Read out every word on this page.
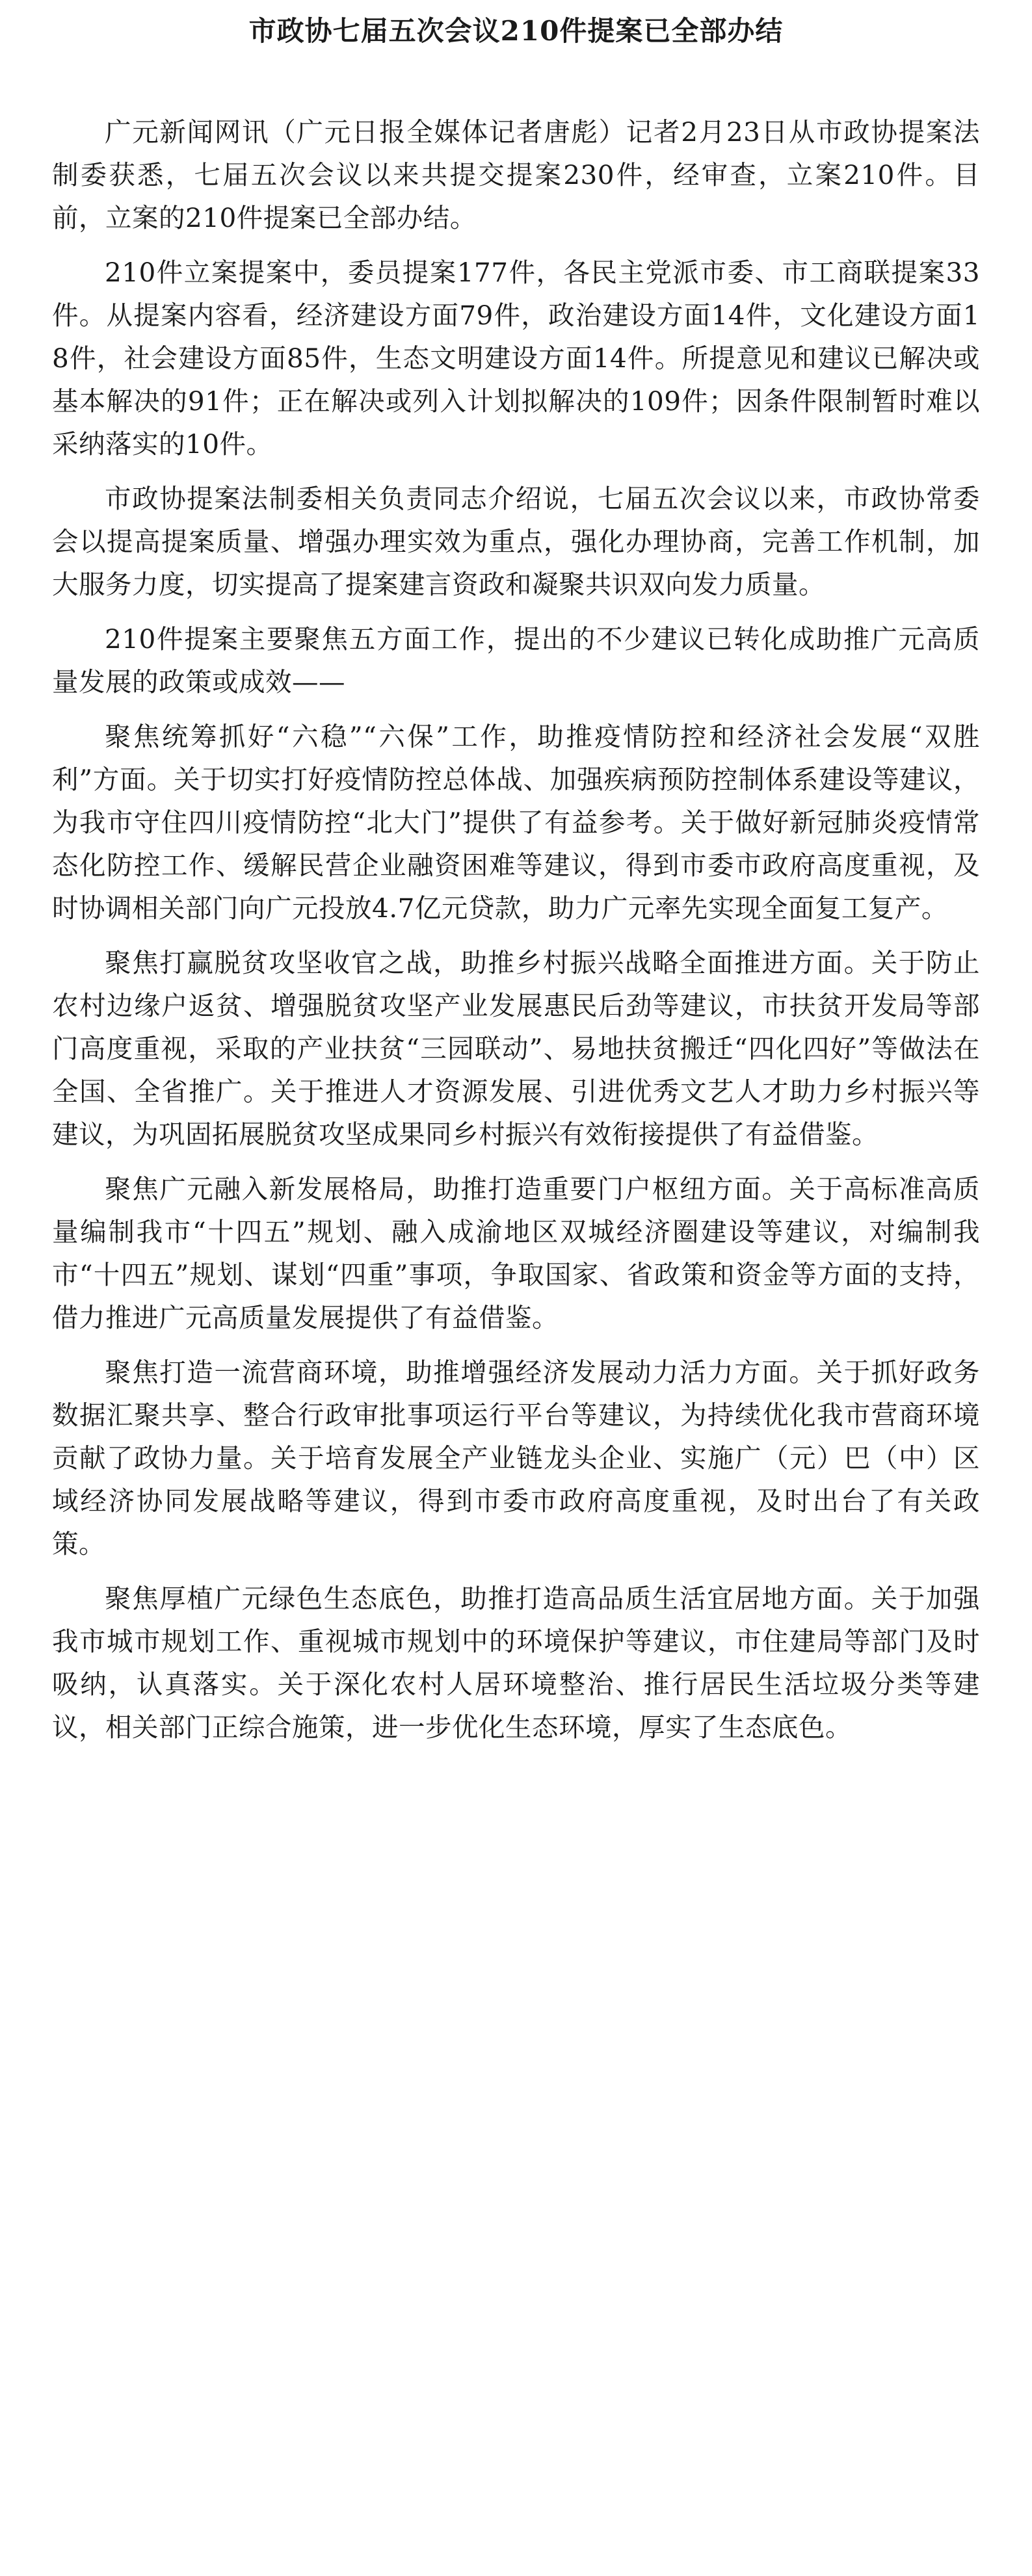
市政协七届五次会议210件提案已全部办结

广元新闻网讯（广元日报全媒体记者唐彪）记者2月23日从市政协提案法制委获悉，七届五次会议以来共提交提案230件，经审查，立案210件。目前，立案的210件提案已全部办结。

210件立案提案中，委员提案177件，各民主党派市委、市工商联提案33件。从提案内容看，经济建设方面79件，政治建设方面14件，文化建设方面18件，社会建设方面85件，生态文明建设方面14件。所提意见和建议已解决或基本解决的91件；正在解决或列入计划拟解决的109件；因条件限制暂时难以采纳落实的10件。

市政协提案法制委相关负责同志介绍说，七届五次会议以来，市政协常委会以提高提案质量、增强办理实效为重点，强化办理协商，完善工作机制，加大服务力度，切实提高了提案建言资政和凝聚共识双向发力质量。

210件提案主要聚焦五方面工作，提出的不少建议已转化成助推广元高质量发展的政策或成效——

聚焦统筹抓好“六稳”“六保”工作，助推疫情防控和经济社会发展“双胜利”方面。关于切实打好疫情防控总体战、加强疾病预防控制体系建设等建议，为我市守住四川疫情防控“北大门”提供了有益参考。关于做好新冠肺炎疫情常态化防控工作、缓解民营企业融资困难等建议，得到市委市政府高度重视，及时协调相关部门向广元投放4.7亿元贷款，助力广元率先实现全面复工复产。

聚焦打赢脱贫攻坚收官之战，助推乡村振兴战略全面推进方面。关于防止农村边缘户返贫、增强脱贫攻坚产业发展惠民后劲等建议，市扶贫开发局等部门高度重视，采取的产业扶贫“三园联动”、易地扶贫搬迁“四化四好”等做法在全国、全省推广。关于推进人才资源发展、引进优秀文艺人才助力乡村振兴等建议，为巩固拓展脱贫攻坚成果同乡村振兴有效衔接提供了有益借鉴。

聚焦广元融入新发展格局，助推打造重要门户枢纽方面。关于高标准高质量编制我市“十四五”规划、融入成渝地区双城经济圈建设等建议，对编制我市“十四五”规划、谋划“四重”事项，争取国家、省政策和资金等方面的支持，借力推进广元高质量发展提供了有益借鉴。

聚焦打造一流营商环境，助推增强经济发展动力活力方面。关于抓好政务数据汇聚共享、整合行政审批事项运行平台等建议，为持续优化我市营商环境贡献了政协力量。关于培育发展全产业链龙头企业、实施广（元）巴（中）区域经济协同发展战略等建议，得到市委市政府高度重视，及时出台了有关政策。

聚焦厚植广元绿色生态底色，助推打造高品质生活宜居地方面。关于加强我市城市规划工作、重视城市规划中的环境保护等建议，市住建局等部门及时吸纳，认真落实。关于深化农村人居环境整治、推行居民生活垃圾分类等建议，相关部门正综合施策，进一步优化生态环境，厚实了生态底色。
